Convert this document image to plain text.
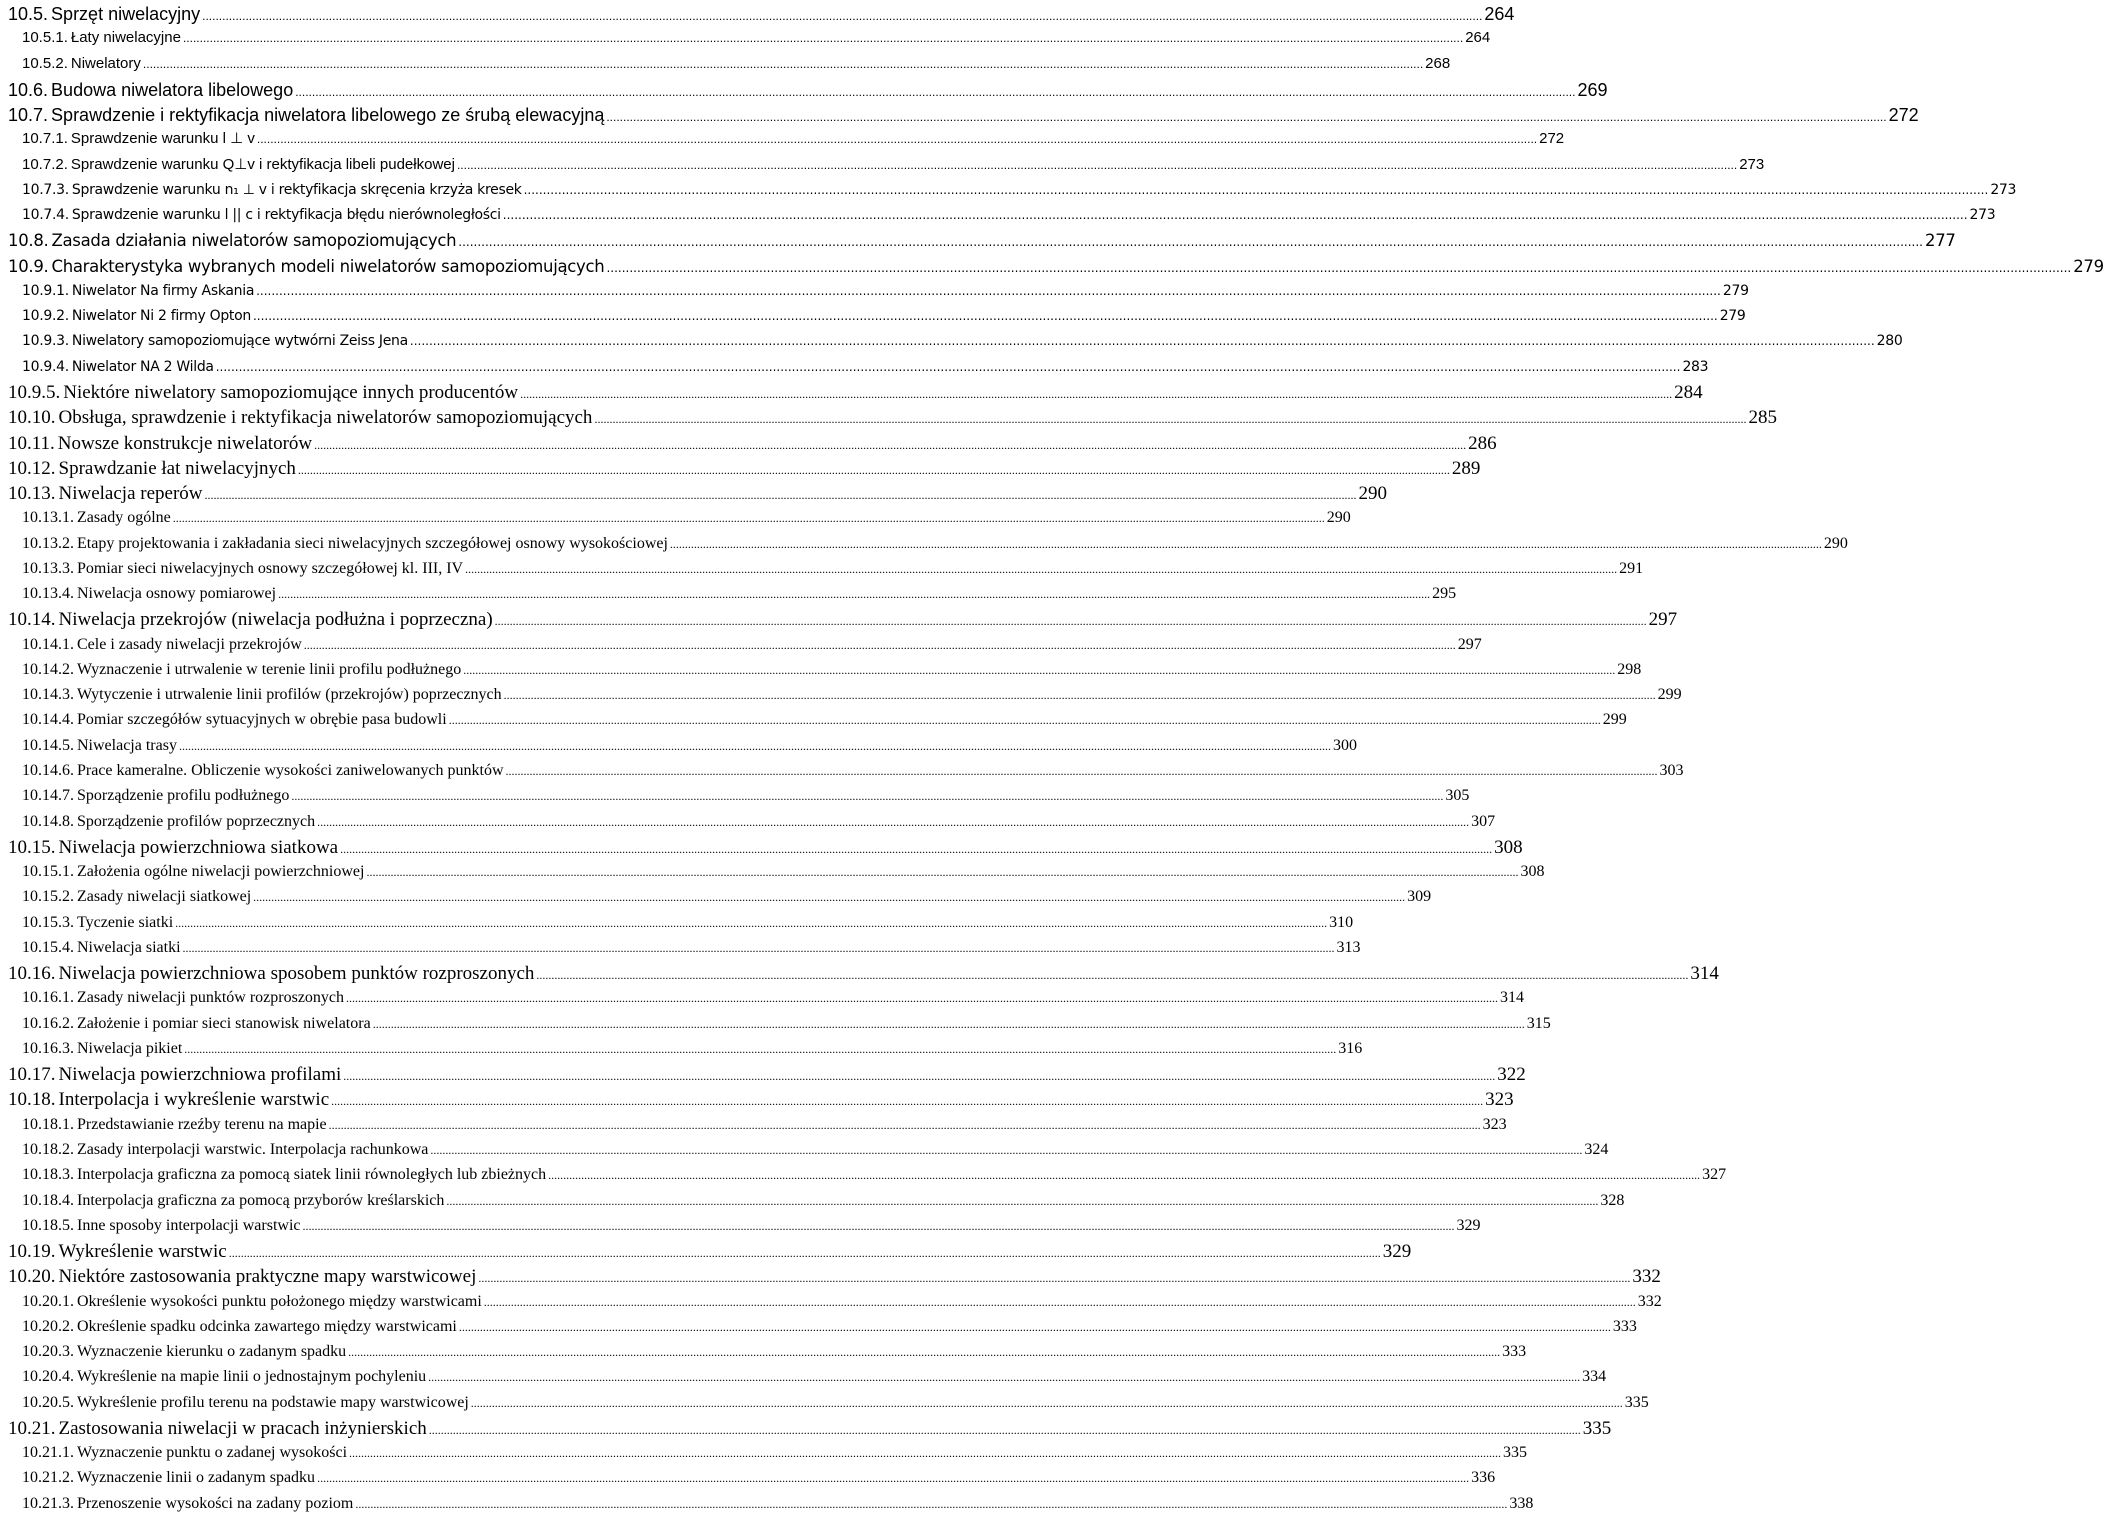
10.5. Sprzęt niwelacyjny .....	264
10.5.1. Łaty niwelacyjne .....	264
10.5.2. Niwelatory .....	268
10.6. Budowa niwelatora libelowego .....	269
10.7. Sprawdzenie i rektyfikacja niwelatora libelowego ze śrubą elewacyjną .....	272
10.7.1. Sprawdzenie warunku l ⊥ v .....	272
10.7.2. Sprawdzenie warunku Q⊥v i rektyfikacja libeli pudełkowej .....	273
10.7.3. Sprawdzenie warunku n₁ ⊥ v i rektyfikacja skręcenia krzyża kresek .....	273
10.7.4. Sprawdzenie warunku l || c i rektyfikacja błędu nierównoległości .....	273
10.8. Zasada działania niwelatorów samopoziomujących .....	277
10.9. Charakterystyka wybranych modeli niwelatorów samopoziomujących .....	279
10.9.1. Niwelator Na firmy Askania .....	279
10.9.2. Niwelator Ni 2 firmy Opton .....	279
10.9.3. Niwelatory samopoziomujące wytwórni Zeiss Jena .....	280
10.9.4. Niwelator NA 2 Wilda .....	283
10.9.5. Niektóre niwelatory samopoziomujące innych producentów .....	284
10.10. Obsługa, sprawdzenie i rektyfikacja niwelatorów samopoziomujących .....	285
10.11. Nowsze konstrukcje niwelatorów .....	286
10.12. Sprawdzanie łat niwelacyjnych .....	289
10.13. Niwelacja reperów .....	290
10.13.1. Zasady ogólne .....	290
10.13.2. Etapy projektowania i zakładania sieci niwelacyjnych szczegółowej osnowy wysokościowej .....	290
10.13.3. Pomiar sieci niwelacyjnych osnowy szczegółowej kl. III, IV .....	291
10.13.4. Niwelacja osnowy pomiarowej .....	295
10.14. Niwelacja przekrojów (niwelacja podłużna i poprzeczna) .....	297
10.14.1. Cele i zasady niwelacji przekrojów .....	297
10.14.2. Wyznaczenie i utrwalenie w terenie linii profilu podłużnego .....	298
10.14.3. Wytyczenie i utrwalenie linii profilów (przekrojów) poprzecznych .....	299
10.14.4. Pomiar szczegółów sytuacyjnych w obrębie pasa budowli .....	299
10.14.5. Niwelacja trasy .....	300
10.14.6. Prace kameralne. Obliczenie wysokości zaniwelowanych punktów .....	303
10.14.7. Sporządzenie profilu podłużnego .....	305
10.14.8. Sporządzenie profilów poprzecznych .....	307
10.15. Niwelacja powierzchniowa siatkowa .....	308
10.15.1. Założenia ogólne niwelacji powierzchniowej .....	308
10.15.2. Zasady niwelacji siatkowej .....	309
10.15.3. Tyczenie siatki .....	310
10.15.4. Niwelacja siatki .....	313
10.16. Niwelacja powierzchniowa sposobem punktów rozproszonych .....	314
10.16.1. Zasady niwelacji punktów rozproszonych .....	314
10.16.2. Założenie i pomiar sieci stanowisk niwelatora .....	315
10.16.3. Niwelacja pikiet .....	316
10.17. Niwelacja powierzchniowa profilami .....	322
10.18. Interpolacja i wykreślenie warstwic .....	323
10.18.1. Przedstawianie rzeźby terenu na mapie .....	323
10.18.2. Zasady interpolacji warstwic. Interpolacja rachunkowa .....	324
10.18.3. Interpolacja graficzna za pomocą siatek linii równoległych lub zbieżnych .....	327
10.18.4. Interpolacja graficzna za pomocą przyborów kreślarskich .....	328
10.18.5. Inne sposoby interpolacji warstwic .....	329
10.19. Wykreślenie warstwic .....	329
10.20. Niektóre zastosowania praktyczne mapy warstwicowej .....	332
10.20.1. Określenie wysokości punktu położonego między warstwicami .....	332
10.20.2. Określenie spadku odcinka zawartego między warstwicami .....	333
10.20.3. Wyznaczenie kierunku o zadanym spadku .....	333
10.20.4. Wykreślenie na mapie linii o jednostajnym pochyleniu .....	334
10.20.5. Wykreślenie profilu terenu na podstawie mapy warstwicowej .....	335
10.21. Zastosowania niwelacji w pracach inżynierskich .....	335
10.21.1. Wyznaczenie punktu o zadanej wysokości .....	335
10.21.2. Wyznaczenie linii o zadanym spadku .....	336
10.21.3. Przenoszenie wysokości na zadany poziom .....	338
